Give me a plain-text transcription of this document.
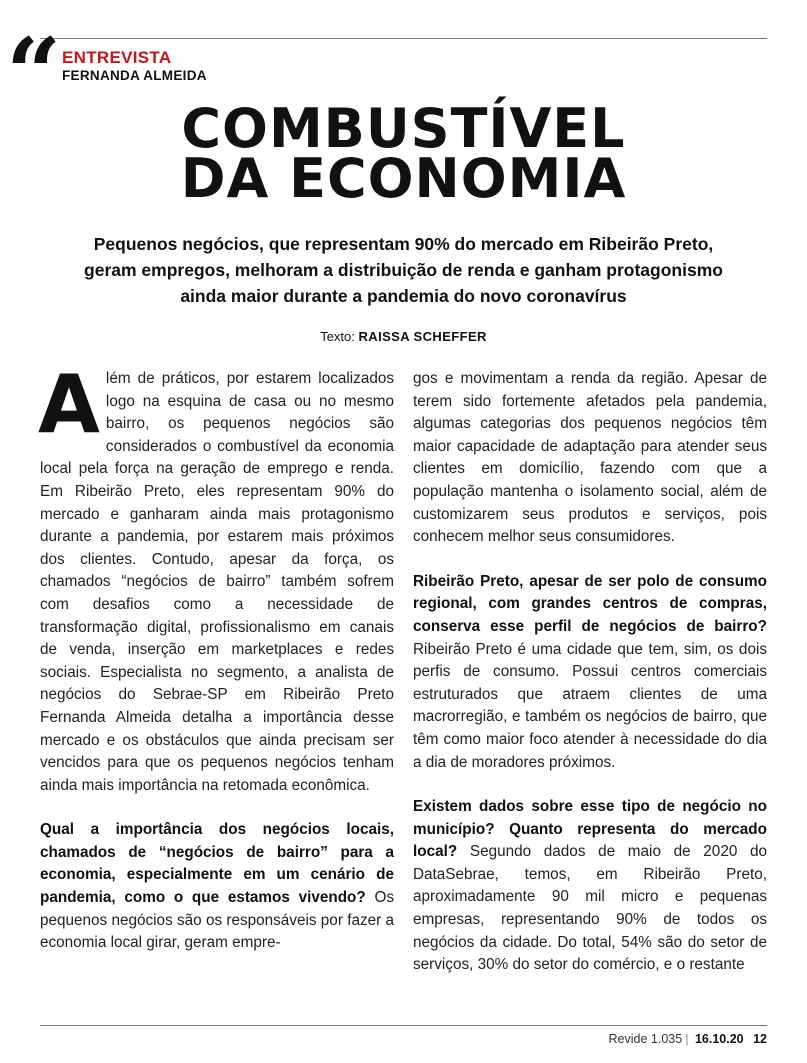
“ ENTREVISTA
FERNANDA ALMEIDA
COMBUSTÍVEL
DA ECONOMIA
Pequenos negócios, que representam 90% do mercado em Ribeirão Preto, geram empregos, melhoram a distribuição de renda e ganham protagonismo ainda maior durante a pandemia do novo coronavírus
Texto: RAISSA SCHEFFER

Além de práticos, por estarem localizados logo na esquina de casa ou no mesmo bairro, os pequenos negócios são considerados o combustível da economia local pela força na geração de emprego e renda. Em Ribeirão Preto, eles representam 90% do mercado e ganharam ainda mais protagonismo durante a pandemia, por estarem mais próximos dos clientes. Contudo, apesar da força, os chamados “negócios de bairro” também sofrem com desafios como a necessidade de transformação digital, profissionalismo em canais de venda, inserção em marketplaces e redes sociais. Especialista no segmento, a analista de negócios do Sebrae-SP em Ribeirão Preto Fernanda Almeida detalha a importância desse mercado e os obstáculos que ainda precisam ser vencidos para que os pequenos negócios tenham ainda mais importância na retomada econômica.

Qual a importância dos negócios locais, chamados de “negócios de bairro” para a economia, especialmente em um cenário de pandemia, como o que estamos vivendo? Os pequenos negócios são os responsáveis por fazer a economia local girar, geram empre-

gos e movimentam a renda da região. Apesar de terem sido fortemente afetados pela pandemia, algumas categorias dos pequenos negócios têm maior capacidade de adaptação para atender seus clientes em domicílio, fazendo com que a população mantenha o isolamento social, além de customizarem seus produtos e serviços, pois conhecem melhor seus consumidores.

Ribeirão Preto, apesar de ser polo de consumo regional, com grandes centros de compras, conserva esse perfil de negócios de bairro? Ribeirão Preto é uma cidade que tem, sim, os dois perfis de consumo. Possui centros comerciais estruturados que atraem clientes de uma macrorregião, e também os negócios de bairro, que têm como maior foco atender à necessidade do dia a dia de moradores próximos.

Existem dados sobre esse tipo de negócio no município? Quanto representa do mercado local? Segundo dados de maio de 2020 do DataSebrae, temos, em Ribeirão Preto, aproximadamente 90 mil micro e pequenas empresas, representando 90% de todos os negócios da cidade. Do total, 54% são do setor de serviços, 30% do setor do comércio, e o restante

Revide 1.035 | 16.10.20 12
